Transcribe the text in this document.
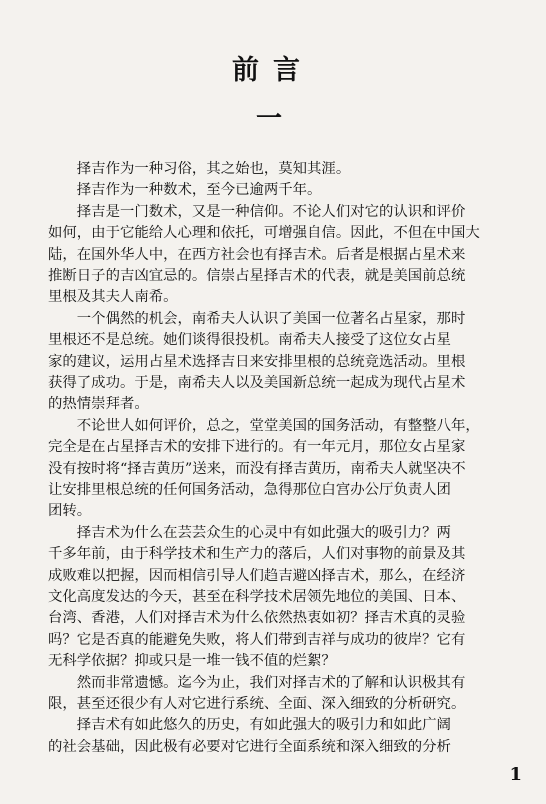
前言
一
　　择吉作为一种习俗，其之始也，莫知其涯。
　　择吉作为一种数术，至今已逾两千年。
　　择吉是一门数术，又是一种信仰。不论人们对它的认识和评价
如何，由于它能给人心理和依托，可增强自信。因此，不但在中国大
陆，在国外华人中，在西方社会也有择吉术。后者是根据占星术来
推断日子的吉凶宜忌的。信崇占星择吉术的代表，就是美国前总统
里根及其夫人南希。
　　一个偶然的机会，南希夫人认识了美国一位著名占星家，那时
里根还不是总统。她们谈得很投机。南希夫人接受了这位女占星
家的建议，运用占星术选择吉日来安排里根的总统竞选活动。里根
获得了成功。于是，南希夫人以及美国新总统一起成为现代占星术
的热情崇拜者。
　　不论世人如何评价，总之，堂堂美国的国务活动，有整整八年，
完全是在占星择吉术的安排下进行的。有一年元月，那位女占星家
没有按时将“择吉黄历”送来，而没有择吉黄历，南希夫人就坚决不
让安排里根总统的任何国务活动，急得那位白宫办公厅负责人团
团转。
　　择吉术为什么在芸芸众生的心灵中有如此强大的吸引力？两
千多年前，由于科学技术和生产力的落后，人们对事物的前景及其
成败难以把握，因而相信引导人们趋吉避凶择吉术，那么，在经济
文化高度发达的今天，甚至在科学技术居领先地位的美国、日本、
台湾、香港，人们对择吉术为什么依然热衷如初？择吉术真的灵验
吗？它是否真的能避免失败，将人们带到吉祥与成功的彼岸？它有
无科学依据？抑或只是一堆一钱不值的烂絮？
　　然而非常遗憾。迄今为止，我们对择吉术的了解和认识极其有
限，甚至还很少有人对它进行系统、全面、深入细致的分析研究。
　　择吉术有如此悠久的历史，有如此强大的吸引力和如此广阔
的社会基础，因此极有必要对它进行全面系统和深入细致的分析
1
